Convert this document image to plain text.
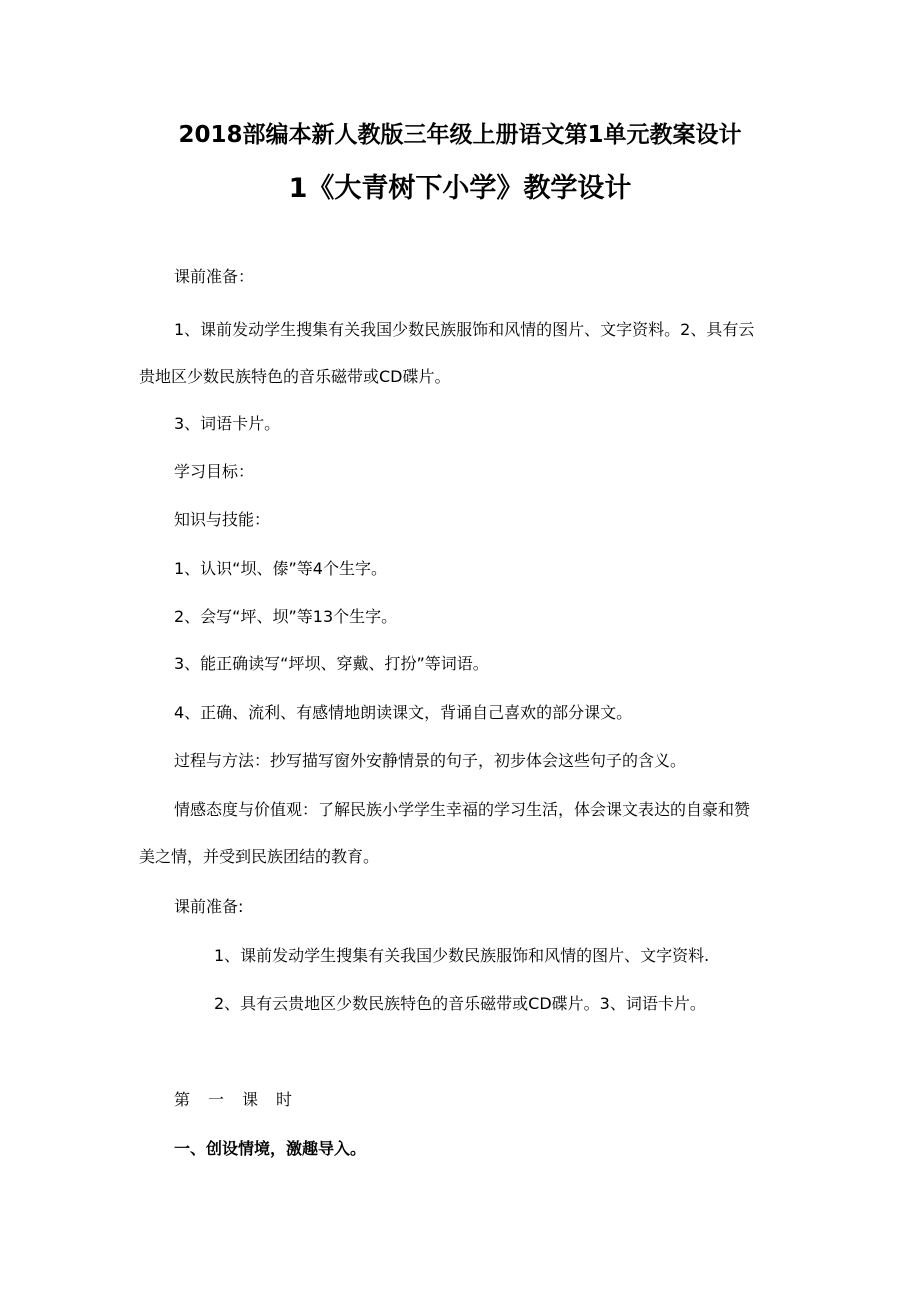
2018部编本新人教版三年级上册语文第1单元教案设计
1《大青树下小学》教学设计
课前准备：
1、课前发动学生搜集有关我国少数民族服饰和风情的图片、文字资料。2、具有云
贵地区少数民族特色的音乐磁带或CD碟片。
3、词语卡片。
学习目标：
知识与技能：
1、认识“坝、傣”等4个生字。
2、会写“坪、坝”等13个生字。
3、能正确读写“坪坝、穿戴、打扮”等词语。
4、正确、流利、有感情地朗读课文，背诵自己喜欢的部分课文。
过程与方法：抄写描写窗外安静情景的句子，初步体会这些句子的含义。
情感态度与价值观：了解民族小学学生幸福的学习生活，体会课文表达的自豪和赞
美之情，并受到民族团结的教育。
课前准备:
1、课前发动学生搜集有关我国少数民族服饰和风情的图片、文字资料.
2、具有云贵地区少数民族特色的音乐磁带或CD碟片。3、词语卡片。
第一课时
一、创设情境，激趣导入。
